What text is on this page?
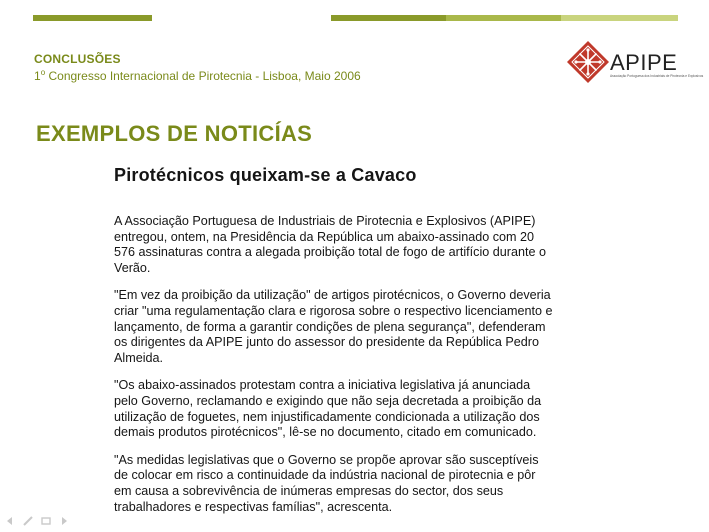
CONCLUSÕES
1$^o$ Congresso Internacional de Pirotecnia - Lisboa, Maio 2006
APIPE
Associação Portuguesa dos Industriais de Pirotecnia e Explosivos
EXEMPLOS DE NOTICÍAS
Pirotécnicos queixam-se a Cavaco

A Associação Portuguesa de Industriais de Pirotecnia e Explosivos (APIPE) entregou, ontem, na Presidência da República um abaixo-assinado com 20 576 assinaturas contra a alegada proibição total de fogo de artifício durante o Verão.

"Em vez da proibição da utilização" de artigos pirotécnicos, o Governo deveria criar "uma regulamentação clara e rigorosa sobre o respectivo licenciamento e lançamento, de forma a garantir condições de plena segurança", defenderam os dirigentes da APIPE junto do assessor do presidente da República Pedro Almeida.

"Os abaixo-assinados protestam contra a iniciativa legislativa já anunciada pelo Governo, reclamando e exigindo que não seja decretada a proibição da utilização de foguetes, nem injustificadamente condicionada a utilização dos demais produtos pirotécnicos", lê-se no documento, citado em comunicado.

"As medidas legislativas que o Governo se propõe aprovar são susceptíveis de colocar em risco a continuidade da indústria nacional de pirotecnia e pôr em causa a sobrevivência de inúmeras empresas do sector, dos seus trabalhadores e respectivas famílias", acrescenta.
